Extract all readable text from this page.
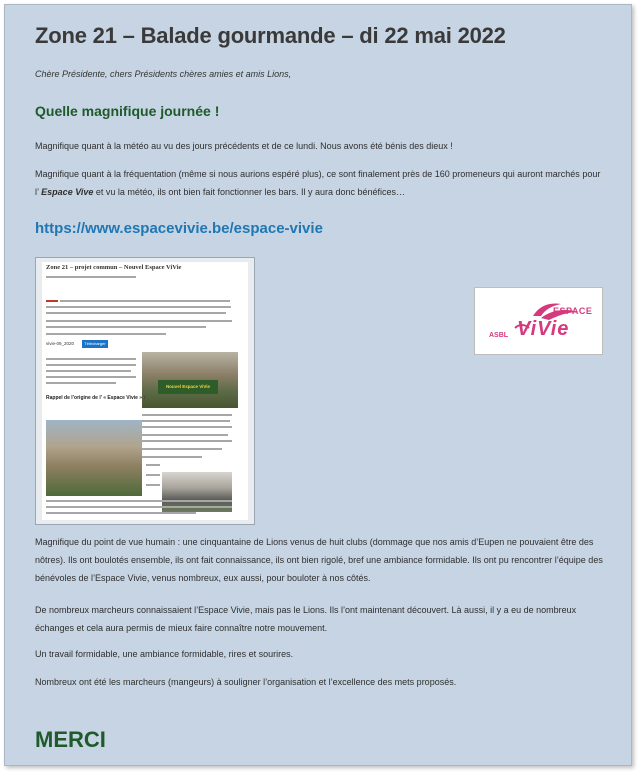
Zone 21 – Balade gourmande – di 22 mai 2022
Chère Présidente, chers Présidents chères amies et amis Lions,
Quelle magnifique journée !
Magnifique quant à la météo au vu des jours précédents et de ce lundi. Nous avons été bénis des dieux !
Magnifique quant à la fréquentation (même si nous aurions espéré plus), ce sont finalement près de 160 promeneurs qui auront marchés pour l’ Espace Vive et vu la météo, ils ont bien fait fonctionner les bars. Il y aura donc bénéfices…
https://www.espacevivie.be/espace-vivie
Zone 21 – projet commun – Nouvel Espace ViVie
vivie-09_2020	Télécharger
Nouvel Espace ViVie
Rappel de l’origine de l’ « Espace Vivie » :
ESPACE
ViVie
ASBL
Magnifique du point de vue humain : une cinquantaine de Lions venus de huit clubs (dommage que nos amis d’Eupen ne pouvaient être des nôtres). Ils ont boulotés ensemble, ils ont fait connaissance, ils ont bien rigolé, bref une ambiance formidable. Ils ont pu rencontrer l’équipe des bénévoles de l’Espace Vivie, venus nombreux, eux aussi, pour bouloter à nos côtés.
De nombreux marcheurs connaissaient l’Espace Vivie, mais pas le Lions. Ils l’ont maintenant découvert. Là aussi, il y a eu de nombreux échanges et cela aura permis de mieux faire connaître notre mouvement.
Un travail formidable, une ambiance formidable, rires et sourires.
Nombreux ont été les marcheurs (mangeurs) à souligner l’organisation et l’excellence des mets proposés.
MERCI
